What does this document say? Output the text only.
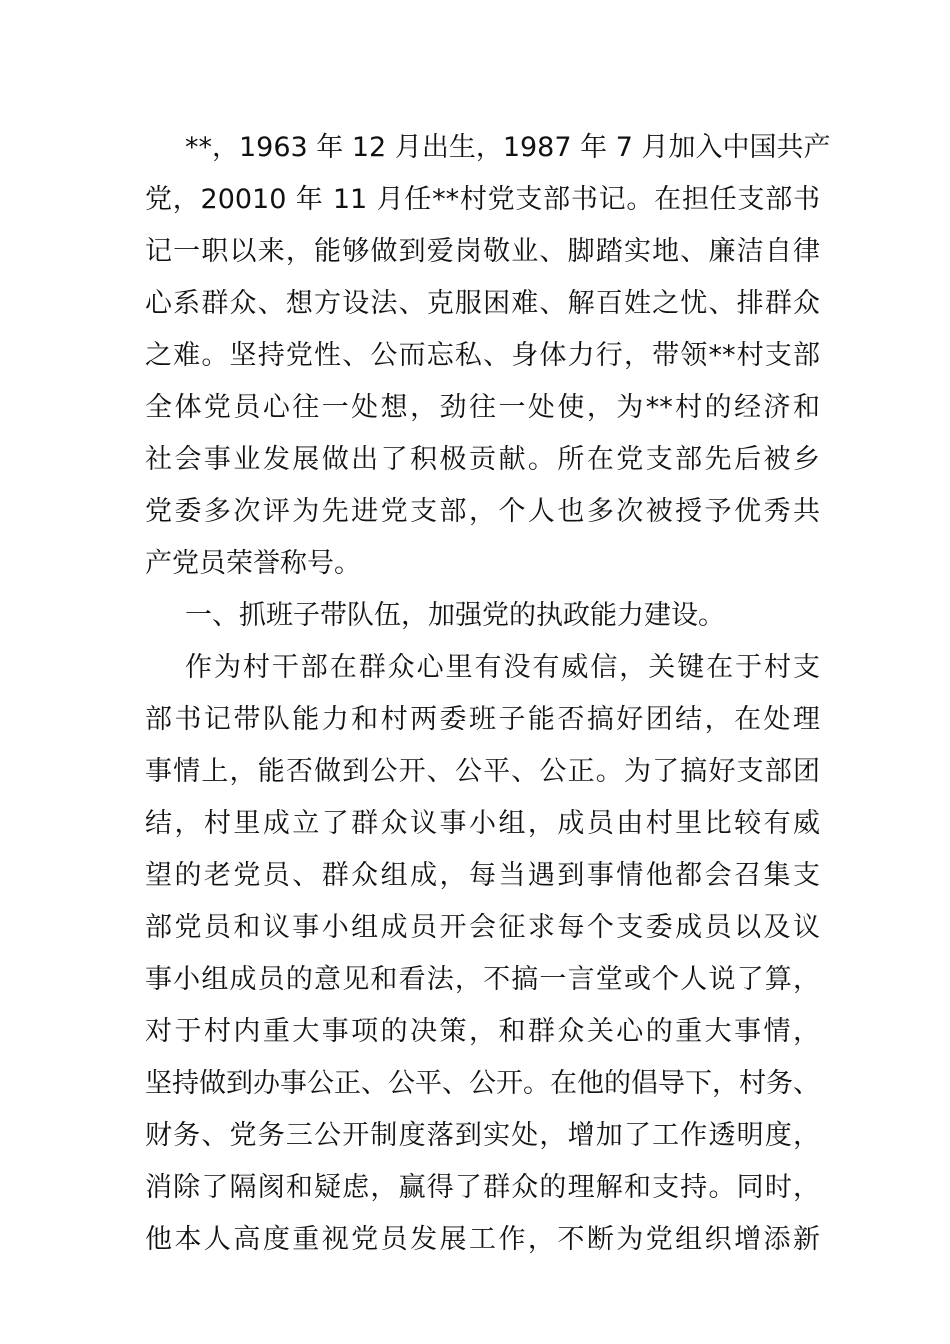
**，1963 年 12 月出生，1987 年 7 月加入中国共产
党，20010 年 11 月任**村党支部书记。在担任支部书
记一职以来，能够做到爱岗敬业、脚踏实地、廉洁自律
心系群众、想方设法、克服困难、解百姓之忧、排群众
之难。坚持党性、公而忘私、身体力行，带领**村支部
全体党员心往一处想，劲往一处使，为**村的经济和
社会事业发展做出了积极贡献。所在党支部先后被乡
党委多次评为先进党支部，个人也多次被授予优秀共
产党员荣誉称号。
一、抓班子带队伍，加强党的执政能力建设。
作为村干部在群众心里有没有威信，关键在于村支
部书记带队能力和村两委班子能否搞好团结，在处理
事情上，能否做到公开、公平、公正。为了搞好支部团
结，村里成立了群众议事小组，成员由村里比较有威
望的老党员、群众组成，每当遇到事情他都会召集支
部党员和议事小组成员开会征求每个支委成员以及议
事小组成员的意见和看法，不搞一言堂或个人说了算，
对于村内重大事项的决策，和群众关心的重大事情，
坚持做到办事公正、公平、公开。在他的倡导下，村务、
财务、党务三公开制度落到实处，增加了工作透明度，
消除了隔阂和疑虑，赢得了群众的理解和支持。同时，
他本人高度重视党员发展工作，不断为党组织增添新
